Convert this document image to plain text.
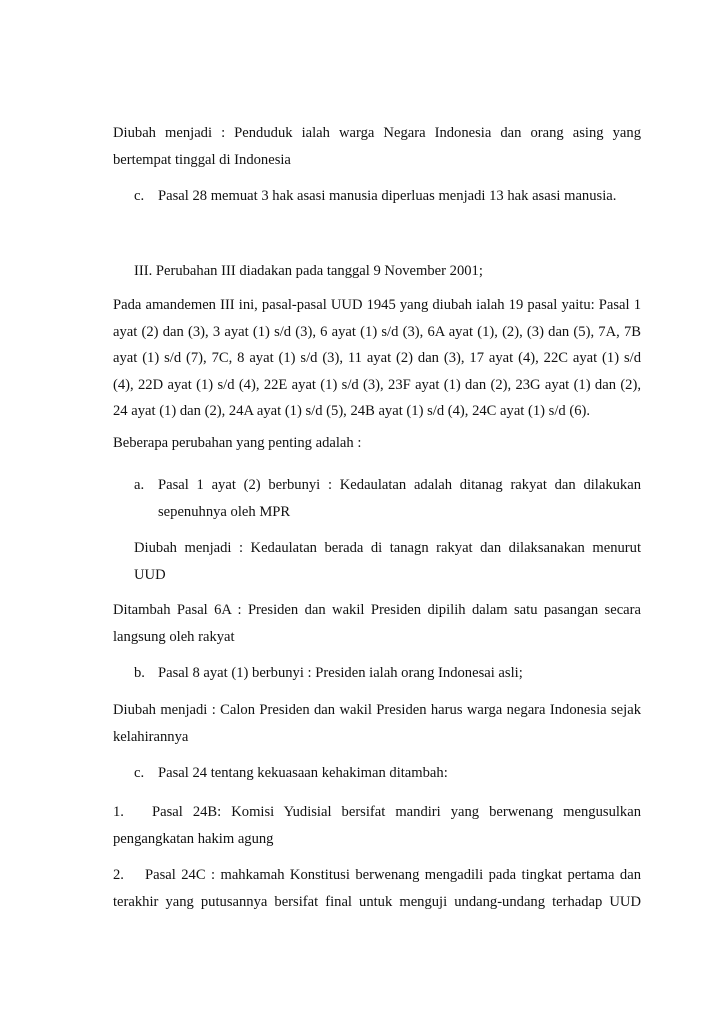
Diubah menjadi : Penduduk ialah warga Negara Indonesia dan orang asing yang
bertempat tinggal di Indonesia
c. Pasal 28 memuat 3 hak asasi manusia diperluas menjadi 13 hak asasi manusia.
III. Perubahan III diadakan pada tanggal 9 November 2001;
Pada amandemen III ini, pasal-pasal UUD 1945 yang diubah ialah 19 pasal yaitu: Pasal 1
ayat (2) dan (3), 3 ayat (1) s/d (3), 6 ayat (1) s/d (3), 6A ayat (1), (2), (3) dan (5), 7A, 7B
ayat (1) s/d (7), 7C, 8 ayat (1) s/d (3), 11 ayat (2) dan (3), 17 ayat (4), 22C ayat (1) s/d
(4), 22D ayat (1) s/d (4), 22E ayat (1) s/d (3), 23F ayat (1) dan (2), 23G ayat (1) dan (2),
24 ayat (1) dan (2), 24A ayat (1) s/d (5), 24B ayat (1) s/d (4), 24C ayat (1) s/d (6).
Beberapa perubahan yang penting adalah :
a. Pasal 1 ayat (2) berbunyi : Kedaulatan adalah ditanag rakyat dan dilakukan
sepenuhnya oleh MPR
Diubah menjadi : Kedaulatan berada di tanagn rakyat dan dilaksanakan menurut
UUD
Ditambah Pasal 6A : Presiden dan wakil Presiden dipilih dalam satu pasangan secara
langsung oleh rakyat
b. Pasal 8 ayat (1) berbunyi : Presiden ialah orang Indonesai asli;
Diubah menjadi : Calon Presiden dan wakil Presiden harus warga negara Indonesia sejak
kelahirannya
c. Pasal 24 tentang kekuasaan kehakiman ditambah:
1.	Pasal 24B: Komisi Yudisial bersifat mandiri yang berwenang mengusulkan
pengangkatan hakim agung
2.	Pasal 24C : mahkamah Konstitusi berwenang mengadili pada tingkat pertama dan
terakhir yang putusannya bersifat final untuk menguji undang-undang terhadap UUD
